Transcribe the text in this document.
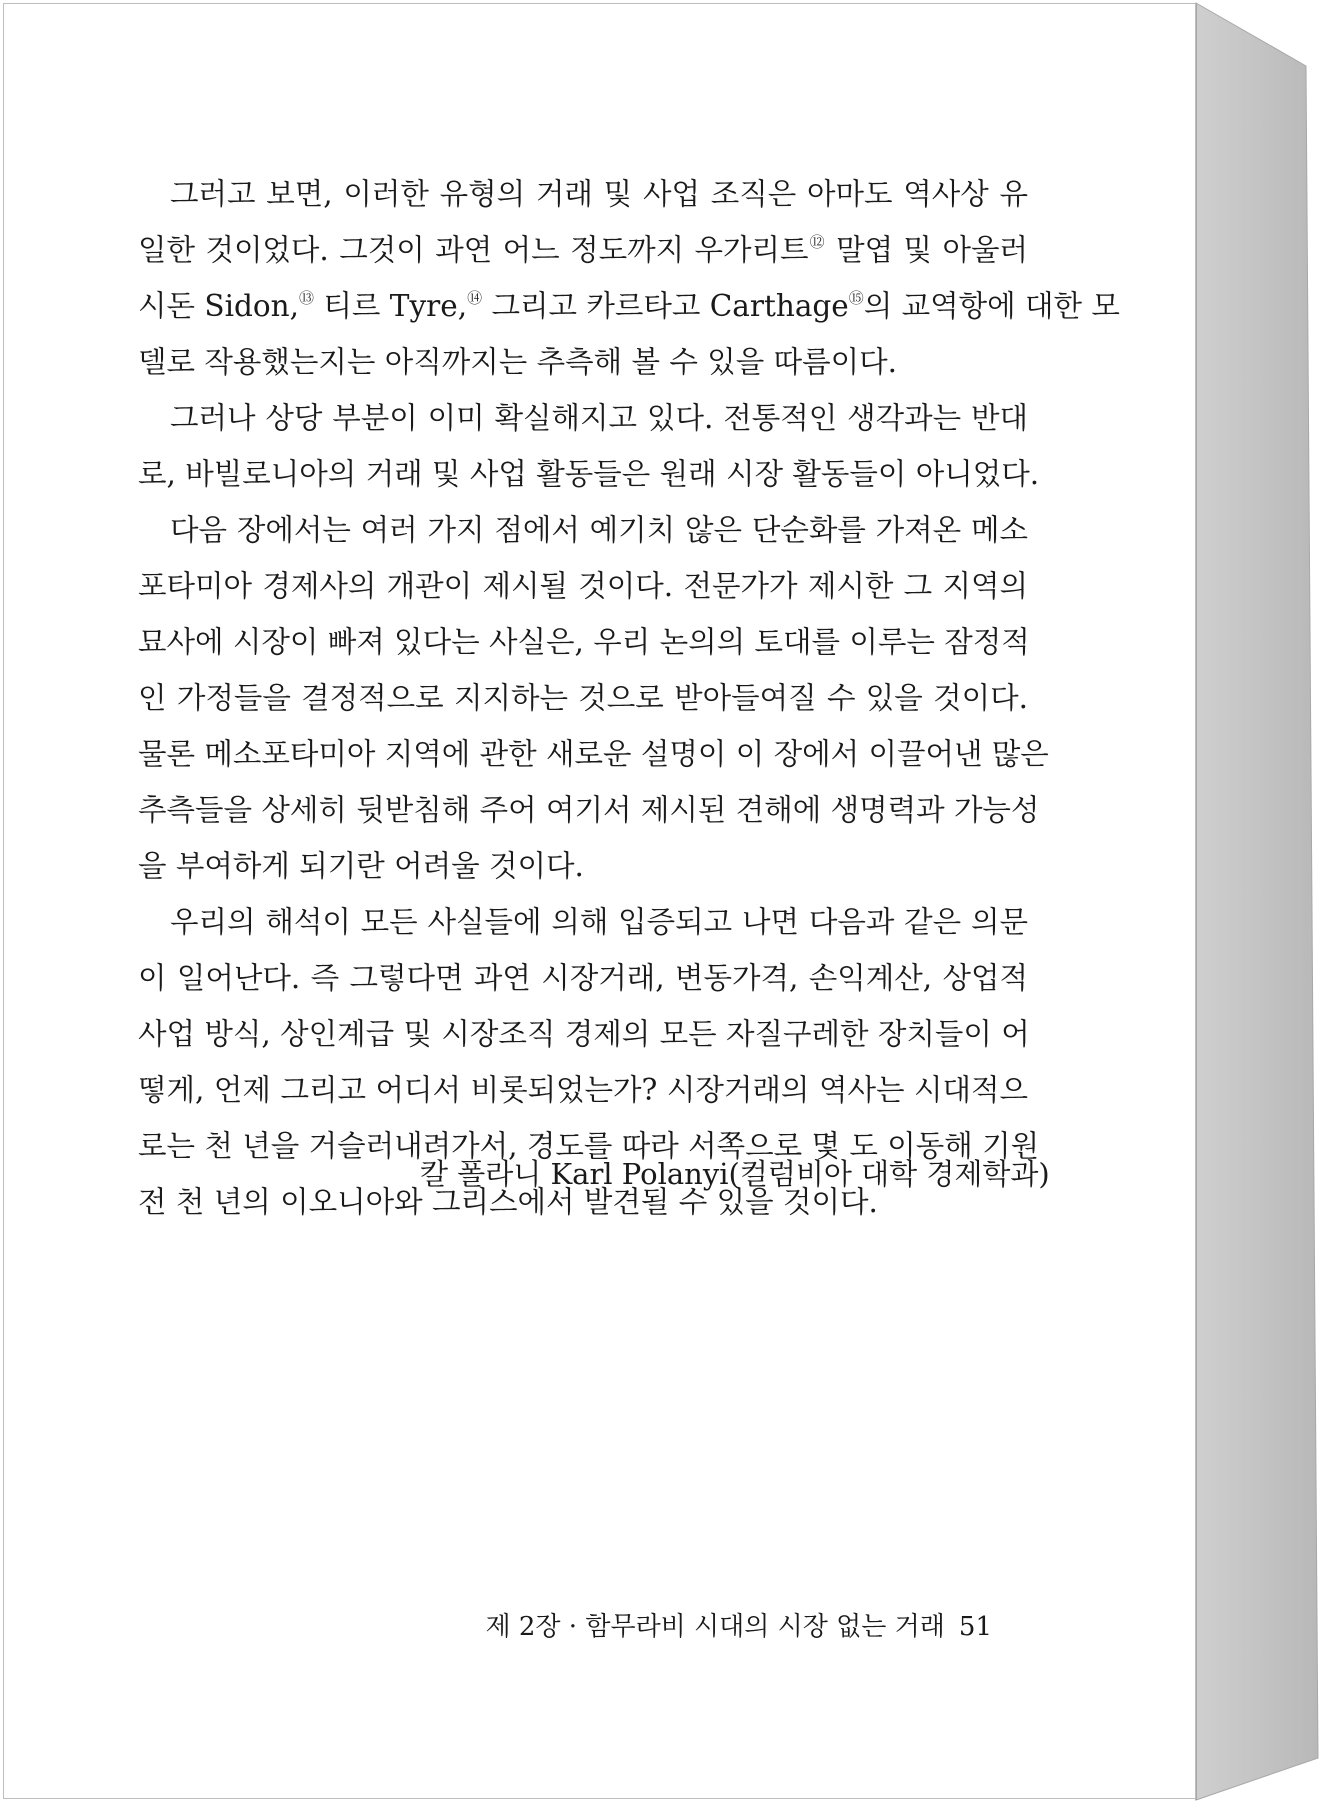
그러고 보면, 이러한 유형의 거래 및 사업 조직은 아마도 역사상 유
일한 것이었다. 그것이 과연 어느 정도까지 우가리트⑫ 말엽 및 아울러
시돈 Sidon,⑬ 티르 Tyre,⑭ 그리고 카르타고 Carthage⑮의 교역항에 대한 모
델로 작용했는지는 아직까지는 추측해 볼 수 있을 따름이다.
그러나 상당 부분이 이미 확실해지고 있다. 전통적인 생각과는 반대
로, 바빌로니아의 거래 및 사업 활동들은 원래 시장 활동들이 아니었다.
다음 장에서는 여러 가지 점에서 예기치 않은 단순화를 가져온 메소
포타미아 경제사의 개관이 제시될 것이다. 전문가가 제시한 그 지역의
묘사에 시장이 빠져 있다는 사실은, 우리 논의의 토대를 이루는 잠정적
인 가정들을 결정적으로 지지하는 것으로 받아들여질 수 있을 것이다.
물론 메소포타미아 지역에 관한 새로운 설명이 이 장에서 이끌어낸 많은
추측들을 상세히 뒷받침해 주어 여기서 제시된 견해에 생명력과 가능성
을 부여하게 되기란 어려울 것이다.
우리의 해석이 모든 사실들에 의해 입증되고 나면 다음과 같은 의문
이 일어난다. 즉 그렇다면 과연 시장거래, 변동가격, 손익계산, 상업적
사업 방식, 상인계급 및 시장조직 경제의 모든 자질구레한 장치들이 어
떻게, 언제 그리고 어디서 비롯되었는가? 시장거래의 역사는 시대적으
로는 천 년을 거슬러내려가서, 경도를 따라 서쪽으로 몇 도 이동해 기원
전 천 년의 이오니아와 그리스에서 발견될 수 있을 것이다.
칼 폴라니 Karl Polanyi(컬럼비아 대학 경제학과)
제 2장 · 함무라비 시대의 시장 없는 거래 51
